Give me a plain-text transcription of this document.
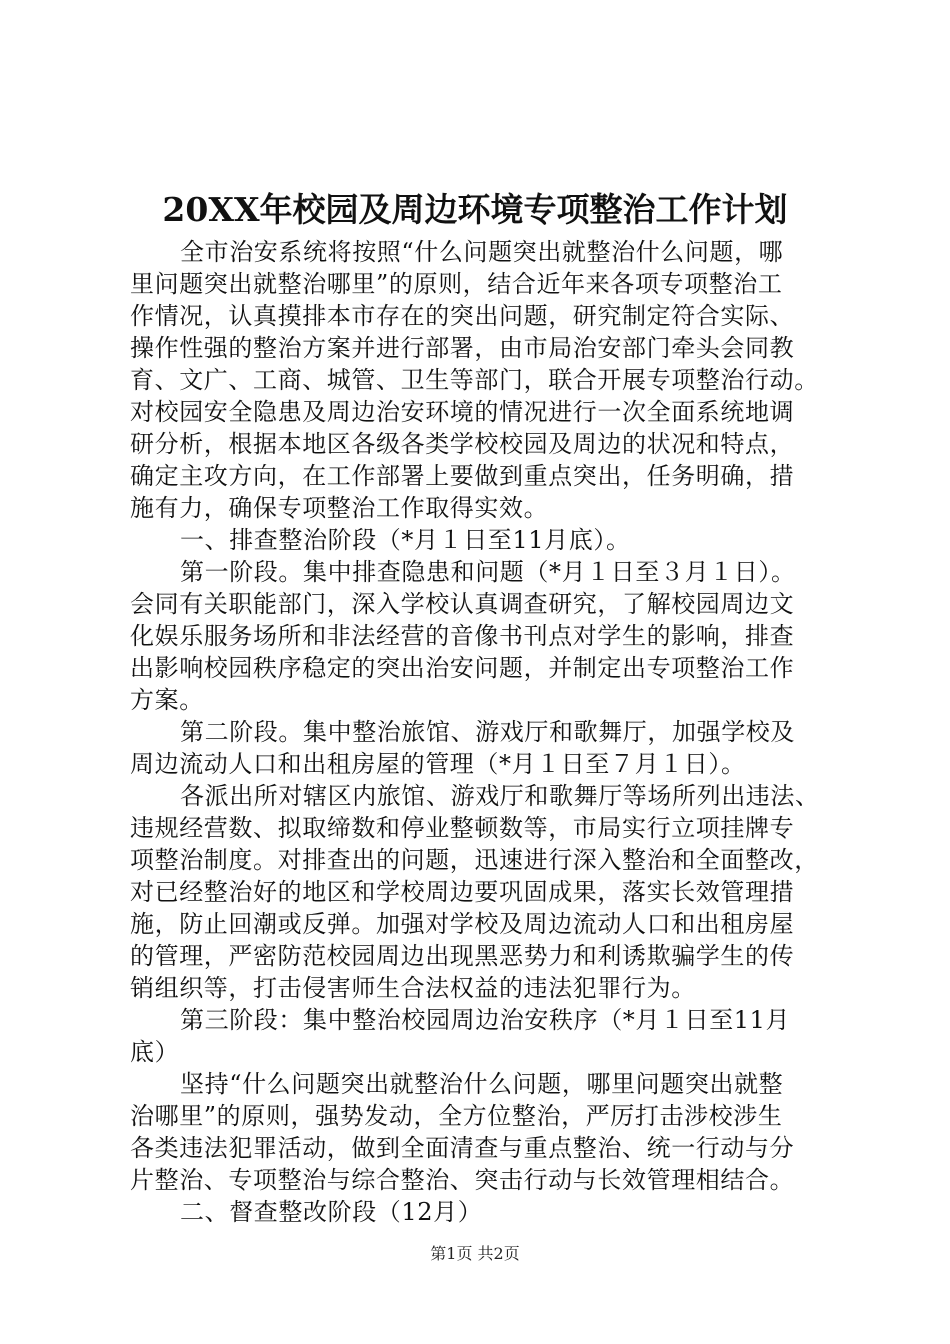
20XX年校园及周边环境专项整治工作计划
全市治安系统将按照“什么问题突出就整治什么问题，哪
里问题突出就整治哪里”的原则，结合近年来各项专项整治工
作情况，认真摸排本市存在的突出问题，研究制定符合实际、
操作性强的整治方案并进行部署，由市局治安部门牵头会同教
育、文广、工商、城管、卫生等部门，联合开展专项整治行动。
对校园安全隐患及周边治安环境的情况进行一次全面系统地调
研分析，根据本地区各级各类学校校园及周边的状况和特点，
确定主攻方向，在工作部署上要做到重点突出，任务明确，措
施有力，确保专项整治工作取得实效。
一、排查整治阶段（*月１日至11月底）。
第一阶段。集中排查隐患和问题（*月１日至３月１日）。
会同有关职能部门，深入学校认真调查研究，了解校园周边文
化娱乐服务场所和非法经营的音像书刊点对学生的影响，排查
出影响校园秩序稳定的突出治安问题，并制定出专项整治工作
方案。
第二阶段。集中整治旅馆、游戏厅和歌舞厅，加强学校及
周边流动人口和出租房屋的管理（*月１日至７月１日）。
各派出所对辖区内旅馆、游戏厅和歌舞厅等场所列出违法、
违规经营数、拟取缔数和停业整顿数等，市局实行立项挂牌专
项整治制度。对排查出的问题，迅速进行深入整治和全面整改，
对已经整治好的地区和学校周边要巩固成果，落实长效管理措
施，防止回潮或反弹。加强对学校及周边流动人口和出租房屋
的管理，严密防范校园周边出现黑恶势力和利诱欺骗学生的传
销组织等，打击侵害师生合法权益的违法犯罪行为。
第三阶段：集中整治校园周边治安秩序（*月１日至11月
底）
坚持“什么问题突出就整治什么问题，哪里问题突出就整
治哪里”的原则，强势发动，全方位整治，严厉打击涉校涉生
各类违法犯罪活动，做到全面清查与重点整治、统一行动与分
片整治、专项整治与综合整治、突击行动与长效管理相结合。
二、督查整改阶段（12月）
第1页 共2页
